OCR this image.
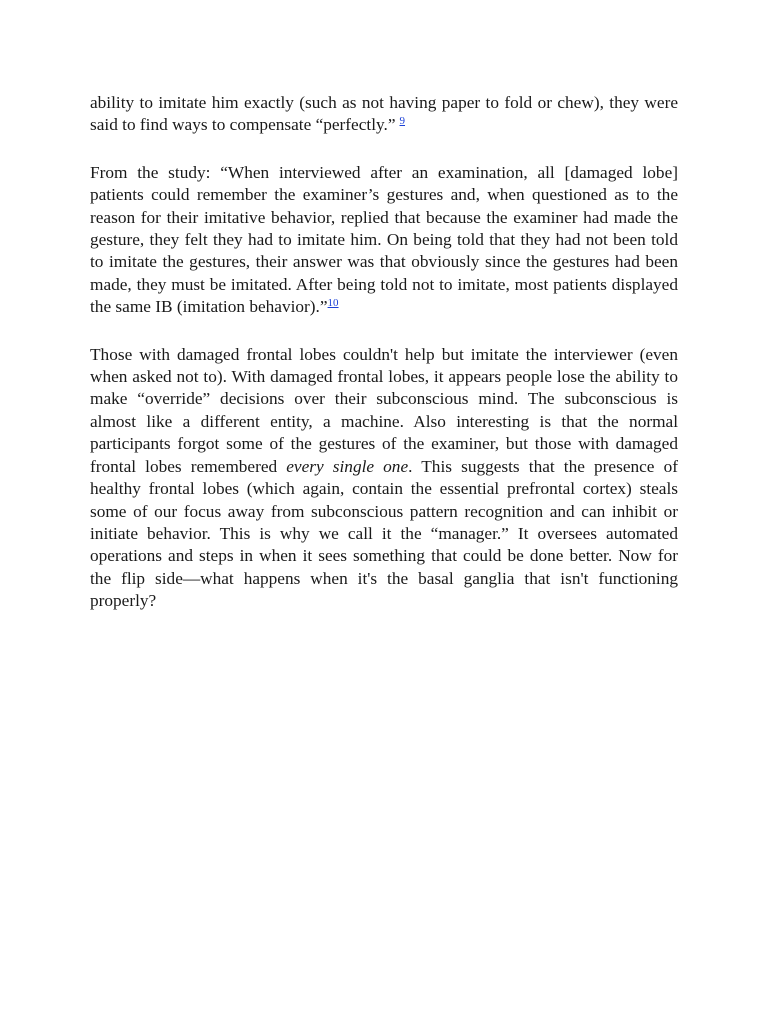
ability to imitate him exactly (such as not having paper to fold or chew), they were said to find ways to compensate “perfectly.” $^9$

From the study: “When interviewed after an examination, all [damaged lobe] patients could remember the examiner’s gestures and, when questioned as to the reason for their imitative behavior, replied that because the examiner had made the gesture, they felt they had to imitate him. On being told that they had not been told to imitate the gestures, their answer was that obviously since the gestures had been made, they must be imitated. After being told not to imitate, most patients displayed the same IB (imitation behavior).”$^{10}$

Those with damaged frontal lobes couldn't help but imitate the interviewer (even when asked not to). With damaged frontal lobes, it appears people lose the ability to make “override” decisions over their subconscious mind. The subconscious is almost like a different entity, a machine. Also interesting is that the normal participants forgot some of the gestures of the examiner, but those with damaged frontal lobes remembered every single one. This suggests that the presence of healthy frontal lobes (which again, contain the essential prefrontal cortex) steals some of our focus away from subconscious pattern recognition and can inhibit or initiate behavior. This is why we call it the “manager.” It oversees automated operations and steps in when it sees something that could be done better. Now for the flip side—what happens when it's the basal ganglia that isn't functioning properly?
